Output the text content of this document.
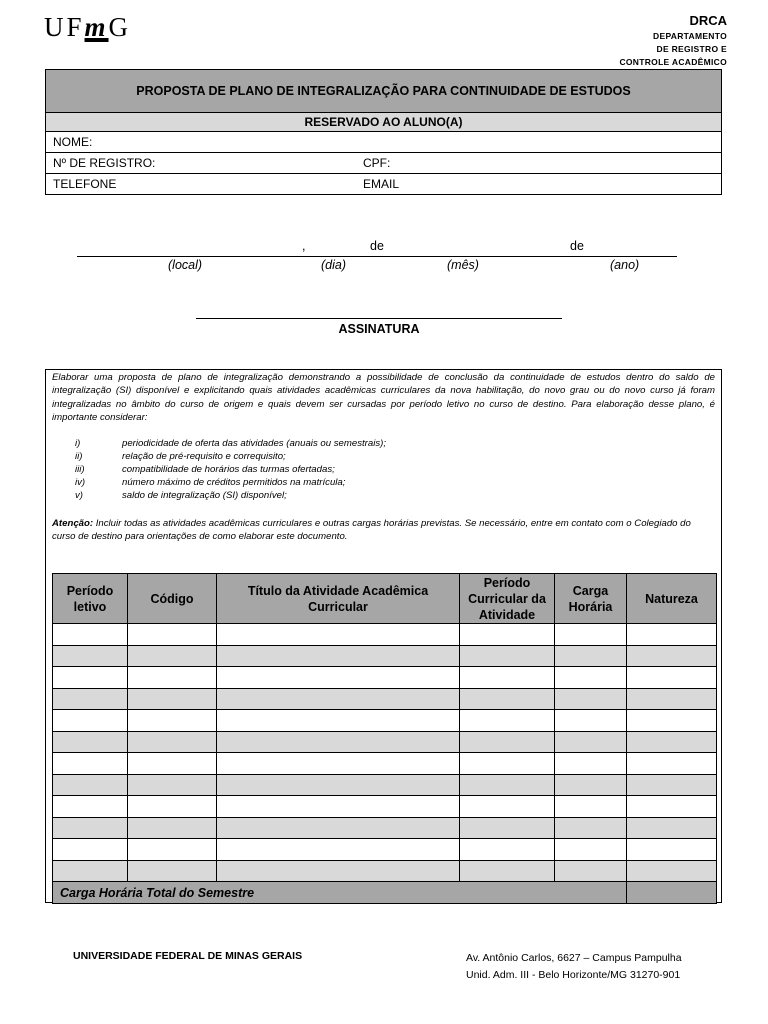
UFmG	DRCA
DEPARTAMENTO
DE REGISTRO E
CONTROLE ACADÊMICO
PROPOSTA DE PLANO DE INTEGRALIZAÇÃO PARA CONTINUIDADE DE ESTUDOS
RESERVADO AO ALUNO(A)
NOME:
Nº DE REGISTRO:	CPF:
TELEFONE	EMAIL
,	de	de
(local)	(dia)	(mês)	(ano)
ASSINATURA
Elaborar uma proposta de plano de integralização demonstrando a possibilidade de conclusão da continuidade de estudos dentro do saldo de integralização (SI) disponível e explicitando quais atividades acadêmicas curriculares da nova habilitação, do novo grau ou do novo curso já foram integralizadas no âmbito do curso de origem e quais devem ser cursadas por período letivo no curso de destino. Para elaboração desse plano, é importante considerar:
i)	periodicidade de oferta das atividades (anuais ou semestrais);
ii)	relação de pré-requisito e correquisito;
iii)	compatibilidade de horários das turmas ofertadas;
iv)	número máximo de créditos permitidos na matrícula;
v)	saldo de integralização (SI) disponível;
Atenção: Incluir todas as atividades acadêmicas curriculares e outras cargas horárias previstas. Se necessário, entre em contato com o Colegiado do curso de destino para orientações de como elaborar este documento.
Período letivo	Código	Título da Atividade Acadêmica Curricular	Período Curricular da Atividade	Carga Horária	Natureza

Carga Horária Total do Semestre					
UNIVERSIDADE FEDERAL DE MINAS GERAIS	Av. Antônio Carlos, 6627 – Campus Pampulha
Unid. Adm. III - Belo Horizonte/MG 31270-901
